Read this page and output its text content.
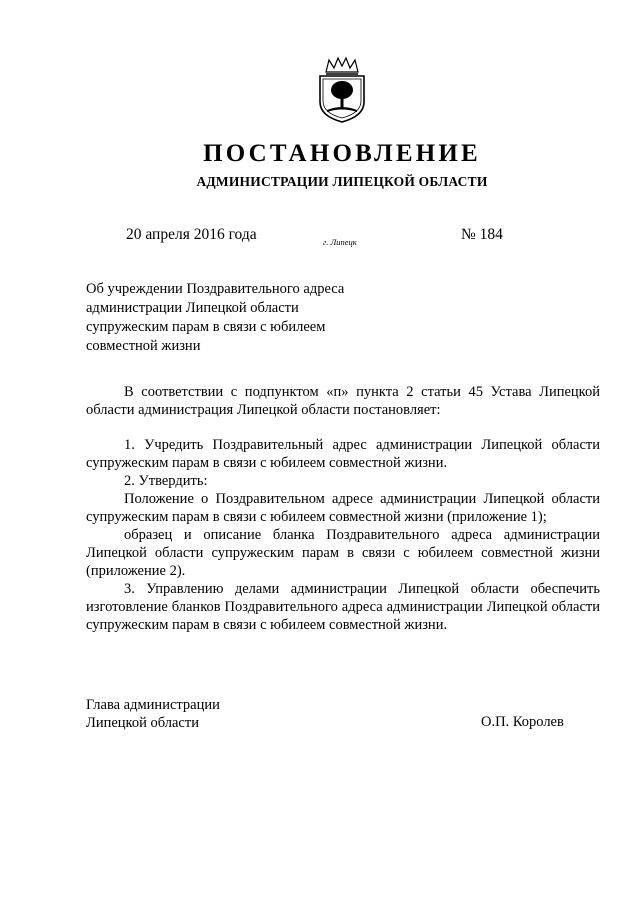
ПОСТАНОВЛЕНИЕ
АДМИНИСТРАЦИИ ЛИПЕЦКОЙ ОБЛАСТИ
20 апреля 2016 года	г. Липецк	№ 184
Об учреждении Поздравительного адреса
администрации Липецкой области
супружеским парам в связи с юбилеем
совместной жизни

В соответствии с подпунктом «п» пункта 2 статьи 45 Устава Липецкой области администрация Липецкой области постановляет:

1. Учредить Поздравительный адрес администрации Липецкой области супружеским парам в связи с юбилеем совместной жизни.

2. Утвердить:

Положение о Поздравительном адресе администрации Липецкой области супружеским парам в связи с юбилеем совместной жизни (приложение 1);

образец и описание бланка Поздравительного адреса администрации Липецкой области супружеским парам в связи с юбилеем совместной жизни (приложение 2).

3. Управлению делами администрации Липецкой области обеспечить изготовление бланков Поздравительного адреса администрации Липецкой области супружеским парам в связи с юбилеем совместной жизни.

Глава администрации
Липецкой области	О.П. Королев
